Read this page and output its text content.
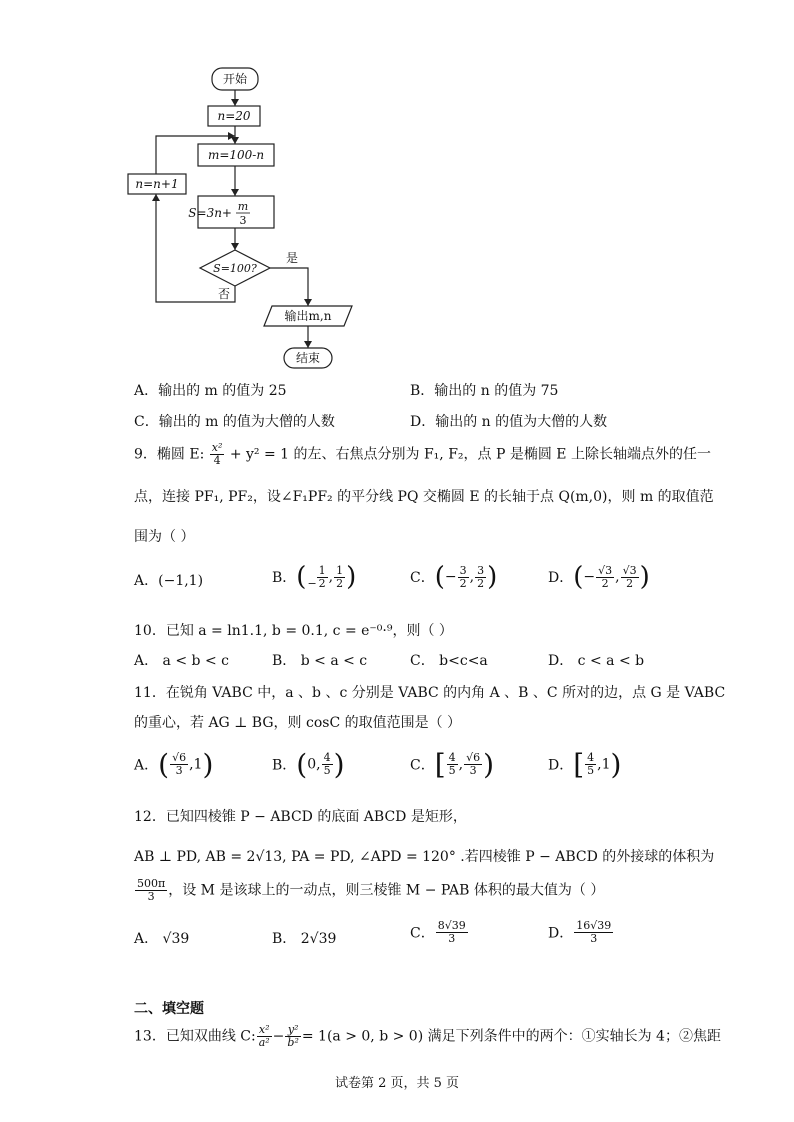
开始
n=20
m=100-n
S=3n+ m
3
S=100?
是
否
n=n+1
输出m,n
结束
A．输出的 m 的值为 25	B．输出的 n 的值为 75
C．输出的 m 的值为大僧的人数	D．输出的 n 的值为大僧的人数
9．椭圆 E: $\frac{\text{x²}}{4} + y^2 = 1$ 的左、右焦点分别为 F₁, F₂，点 P 是椭圆 E 上除长轴端点外的任一
点，连接 PF₁, PF₂，设∠F₁PF₂ 的平分线 PQ 交椭圆 E 的长轴于点 Q(m,0)，则 m 的取值范
围为（ ）
A．(−1,1)	B．(− $\frac{1}{2}$ , $\frac{1}{2}$ )	C．(− $\frac{3}{2}$ , $\frac{3}{2}$ )	D．(− $\frac{√3}{2}$ , $\frac{√3}{2}$ )
10．已知 a = ln1.1, b = 0.1, c = e⁻⁰·⁹，则（ ）
A． a < b < c	B． b < a < c	C． b<c<a	D． c < a < b
11．在锐角 VABC 中，a 、b 、c 分别是 VABC 的内角 A 、B 、C 所对的边，点 G 是 VABC
的重心，若 AG ⊥ BG，则 cosC 的取值范围是（ ）
A．( $\frac{√6}{3} ,1$)	B．(0, $\frac{4}{5}$ )	C．[ $\frac{4}{5}$ , $\frac{√6}{3}$ )	D．[ $\frac{4}{5} ,1$)
12．已知四棱锥 P − ABCD 的底面 ABCD 是矩形，
AB ⊥ PD, AB = 2√13, PA = PD, ∠APD = 120° .若四棱锥 P − ABCD 的外接球的体积为
$\frac{500\pi}{3}$ ，设 M 是该球上的一动点，则三棱锥 M − PAB 体积的最大值为（ ）
A． √39	B． 2√39	C． $\frac{8√39}{3}$	D． $\frac{16√39}{3}$
二、填空题
13．已知双曲线 C: $\frac{\text{x²}}{\text{a²}} - \frac{\text{y²}}{\text{b²}} = 1(a > 0$, b > 0) 满足下列条件中的两个：①实轴长为 4；②焦距
试卷第 2 页，共 5 页
